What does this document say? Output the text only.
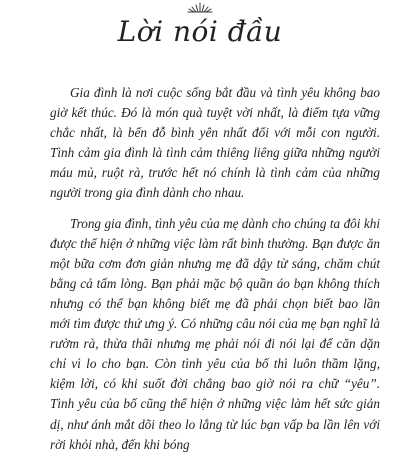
Lời nói đầu

Gia đình là nơi cuộc sống bắt đầu và tình yêu không bao giờ kết thúc. Đó là món quà tuyệt vời nhất, là điểm tựa vững chắc nhất, là bến đỗ bình yên nhất đối với mỗi con người. Tình cảm gia đình là tình cảm thiêng liêng giữa những người máu mủ, ruột rà, trước hết nó chính là tình cảm của những người trong gia đình dành cho nhau.

Trong gia đình, tình yêu của mẹ dành cho chúng ta đôi khi được thể hiện ở những việc làm rất bình thường. Bạn được ăn một bữa cơm đơn giản nhưng mẹ đã dậy từ sáng, chăm chút bằng cả tấm lòng. Bạn phải mặc bộ quần áo bạn không thích nhưng có thể bạn không biết mẹ đã phải chọn biết bao lần mới tìm được thứ ưng ý. Có những câu nói của mẹ bạn nghĩ là rườm rà, thừa thãi nhưng mẹ phải nói đi nói lại để căn dặn chỉ vì lo cho bạn. Còn tình yêu của bố thì luôn thầm lặng, kiệm lời, có khi suốt đời chẳng bao giờ nói ra chữ “yêu”. Tình yêu của bố cũng thể hiện ở những việc làm hết sức giản dị, như ánh mắt dõi theo lo lắng từ lúc bạn vấp ba lần lên với rời khỏi nhà, đến khi bóng
